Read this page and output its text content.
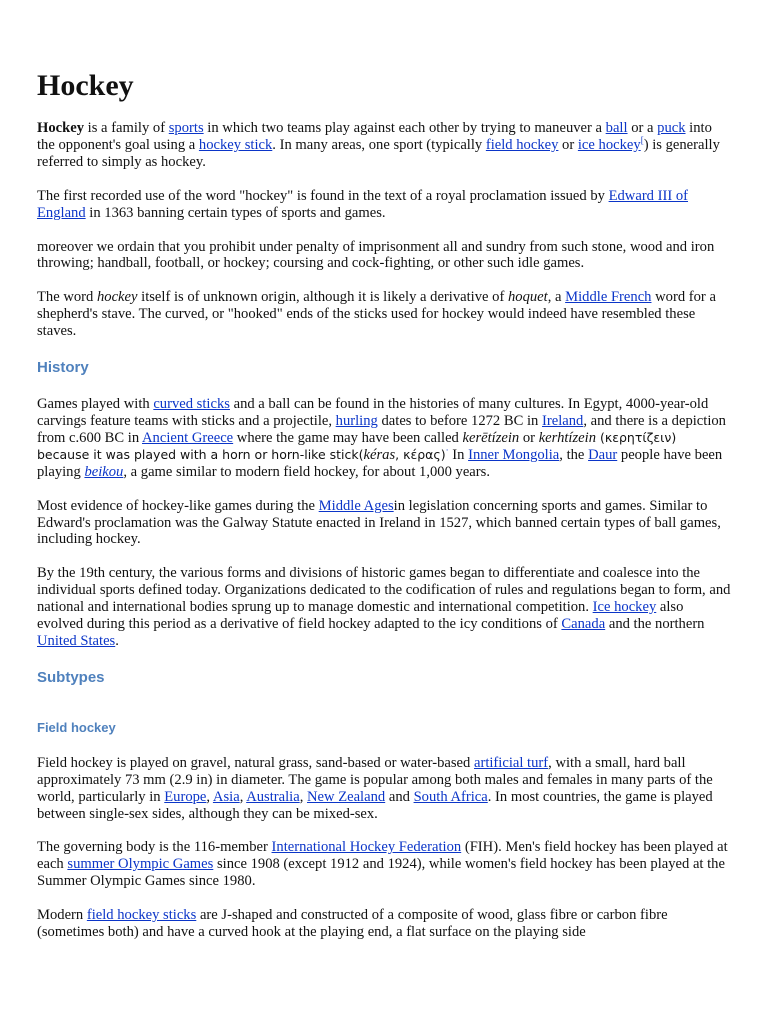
Hockey

Hockey is a family of sports in which two teams play against each other by trying to maneuver a ball or a puck into the opponent's goal using a hockey stick. In many areas, one sport (typically field hockey or ice hockey[) is generally referred to simply as hockey.

The first recorded use of the word "hockey" is found in the text of a royal proclamation issued by Edward III of England in 1363 banning certain types of sports and games.

moreover we ordain that you prohibit under penalty of imprisonment all and sundry from such stone, wood and iron throwing; handball, football, or hockey; coursing and cock-fighting, or other such idle games.

The word hockey itself is of unknown origin, although it is likely a derivative of hoquet, a Middle French word for a shepherd's stave. The curved, or "hooked" ends of the sticks used for hockey would indeed have resembled these staves.

History

Games played with curved sticks and a ball can be found in the histories of many cultures. In Egypt, 4000-year-old carvings feature teams with sticks and a projectile, hurling dates to before 1272 BC in Ireland, and there is a depiction from c.600 BC in Ancient Greece where the game may have been called kerētízein or kerhtízein (κερητίζειν) because it was played with a horn or horn-like stick(kéras, κέρας)· In Inner Mongolia, the Daur people have been playing beikou, a game similar to modern field hockey, for about 1,000 years.

Most evidence of hockey-like games during the Middle Agesin legislation concerning sports and games. Similar to Edward's proclamation was the Galway Statute enacted in Ireland in 1527, which banned certain types of ball games, including hockey.

By the 19th century, the various forms and divisions of historic games began to differentiate and coalesce into the individual sports defined today. Organizations dedicated to the codification of rules and regulations began to form, and national and international bodies sprung up to manage domestic and international competition. Ice hockey also evolved during this period as a derivative of field hockey adapted to the icy conditions of Canada and the northern United States.

Subtypes
Field hockey

Field hockey is played on gravel, natural grass, sand-based or water-based artificial turf, with a small, hard ball approximately 73 mm (2.9 in) in diameter. The game is popular among both males and females in many parts of the world, particularly in Europe, Asia, Australia, New Zealand and South Africa. In most countries, the game is played between single-sex sides, although they can be mixed-sex.

The governing body is the 116-member International Hockey Federation (FIH). Men's field hockey has been played at each summer Olympic Games since 1908 (except 1912 and 1924), while women's field hockey has been played at the Summer Olympic Games since 1980.

Modern field hockey sticks are J-shaped and constructed of a composite of wood, glass fibre or carbon fibre (sometimes both) and have a curved hook at the playing end, a flat surface on the playing side
